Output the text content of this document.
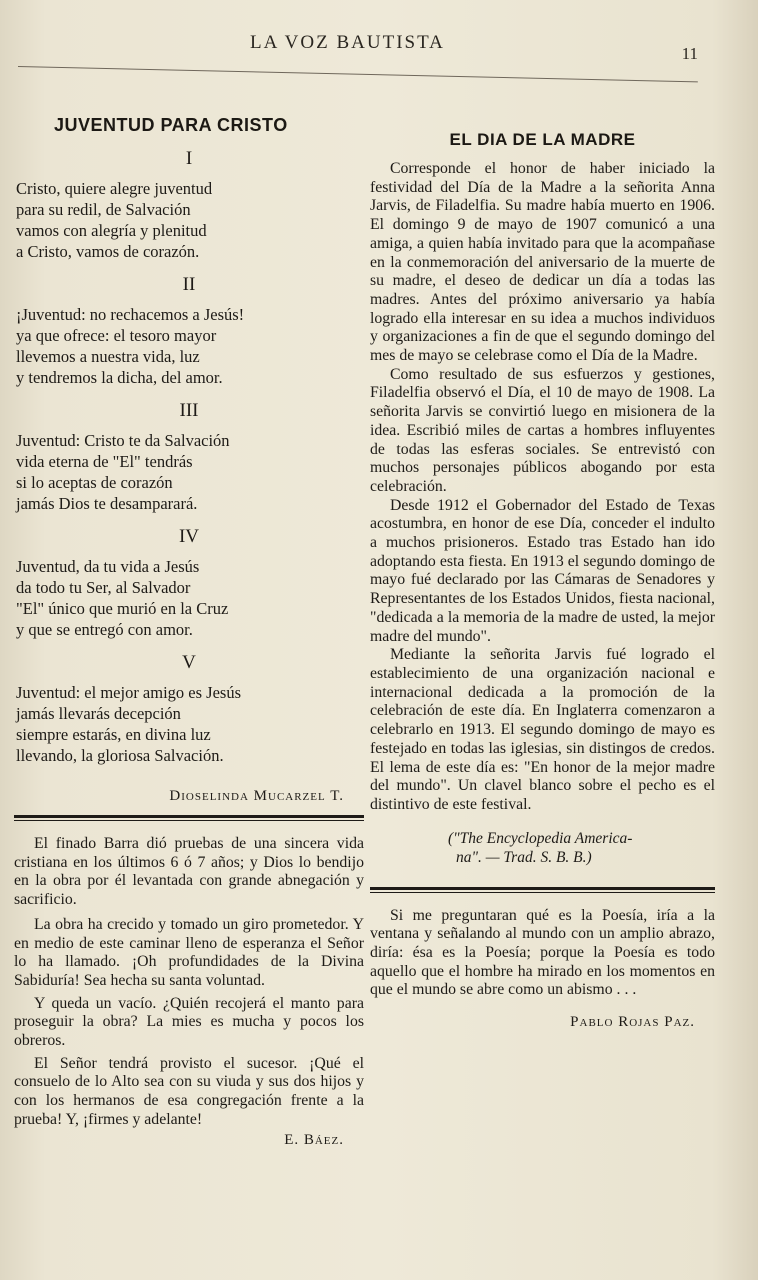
LA VOZ BAUTISTA
11
JUVENTUD PARA CRISTO
I
Cristo, quiere alegre juventud
para su redil, de Salvación
vamos con alegría y plenitud
a Cristo, vamos de corazón.
II
¡Juventud: no rechacemos a Jesús!
ya que ofrece: el tesoro mayor
llevemos a nuestra vida, luz
y tendremos la dicha, del amor.
III
Juventud: Cristo te da Salvación
vida eterna de "El" tendrás
si lo aceptas de corazón
jamás Dios te desamparará.
IV
Juventud, da tu vida a Jesús
da todo tu Ser, al Salvador
"El" único que murió en la Cruz
y que se entregó con amor.
V
Juventud: el mejor amigo es Jesús
jamás llevarás decepción
siempre estarás, en divina luz
llevando, la gloriosa Salvación.
Dioselinda Mucarzel T.

El finado Barra dió pruebas de una sincera vida cristiana en los últimos 6 ó 7 años; y Dios lo bendijo en la obra por él levantada con grande abnegación y sacrificio.

La obra ha crecido y tomado un giro prometedor. Y en medio de este caminar lleno de esperanza el Señor lo ha llamado. ¡Oh profundidades de la Divina Sabiduría! Sea hecha su santa voluntad.

Y queda un vacío. ¿Quién recojerá el manto para proseguir la obra? La mies es mucha y pocos los obreros.

El Señor tendrá provisto el sucesor. ¡Qué el consuelo de lo Alto sea con su viuda y sus dos hijos y con los hermanos de esa congregación frente a la prueba! Y, ¡firmes y adelante!

E. Báez.
EL DIA DE LA MADRE

Corresponde el honor de haber iniciado la festividad del Día de la Madre a la señorita Anna Jarvis, de Filadelfia. Su madre había muerto en 1906. El domingo 9 de mayo de 1907 comunicó a una amiga, a quien había invitado para que la acompañase en la conmemoración del aniversario de la muerte de su madre, el deseo de dedicar un día a todas las madres. Antes del próximo aniversario ya había logrado ella interesar en su idea a muchos individuos y organizaciones a fin de que el segundo domingo del mes de mayo se celebrase como el Día de la Madre.

Como resultado de sus esfuerzos y gestiones, Filadelfia observó el Día, el 10 de mayo de 1908. La señorita Jarvis se convirtió luego en misionera de la idea. Escribió miles de cartas a hombres influyentes de todas las esferas sociales. Se entrevistó con muchos personajes públicos abogando por esta celebración.

Desde 1912 el Gobernador del Estado de Texas acostumbra, en honor de ese Día, conceder el indulto a muchos prisioneros. Estado tras Estado han ido adoptando esta fiesta. En 1913 el segundo domingo de mayo fué declarado por las Cámaras de Senadores y Representantes de los Estados Unidos, fiesta nacional, "dedicada a la memoria de la madre de usted, la mejor madre del mundo".

Mediante la señorita Jarvis fué logrado el establecimiento de una organización nacional e internacional dedicada a la promoción de la celebración de este día. En Inglaterra comenzaron a celebrarlo en 1913. El segundo domingo de mayo es festejado en todas las iglesias, sin distingos de credos. El lema de este día es: "En honor de la mejor madre del mundo". Un clavel blanco sobre el pecho es el distintivo de este festival.

("The Encyclopedia America-
na". — Trad. S. B. B.)

Si me preguntaran qué es la Poesía, iría a la ventana y señalando al mundo con un amplio abrazo, diría: ésa es la Poesía; porque la Poesía es todo aquello que el hombre ha mirado en los momentos en que el mundo se abre como un abismo . . .

Pablo Rojas Paz.
